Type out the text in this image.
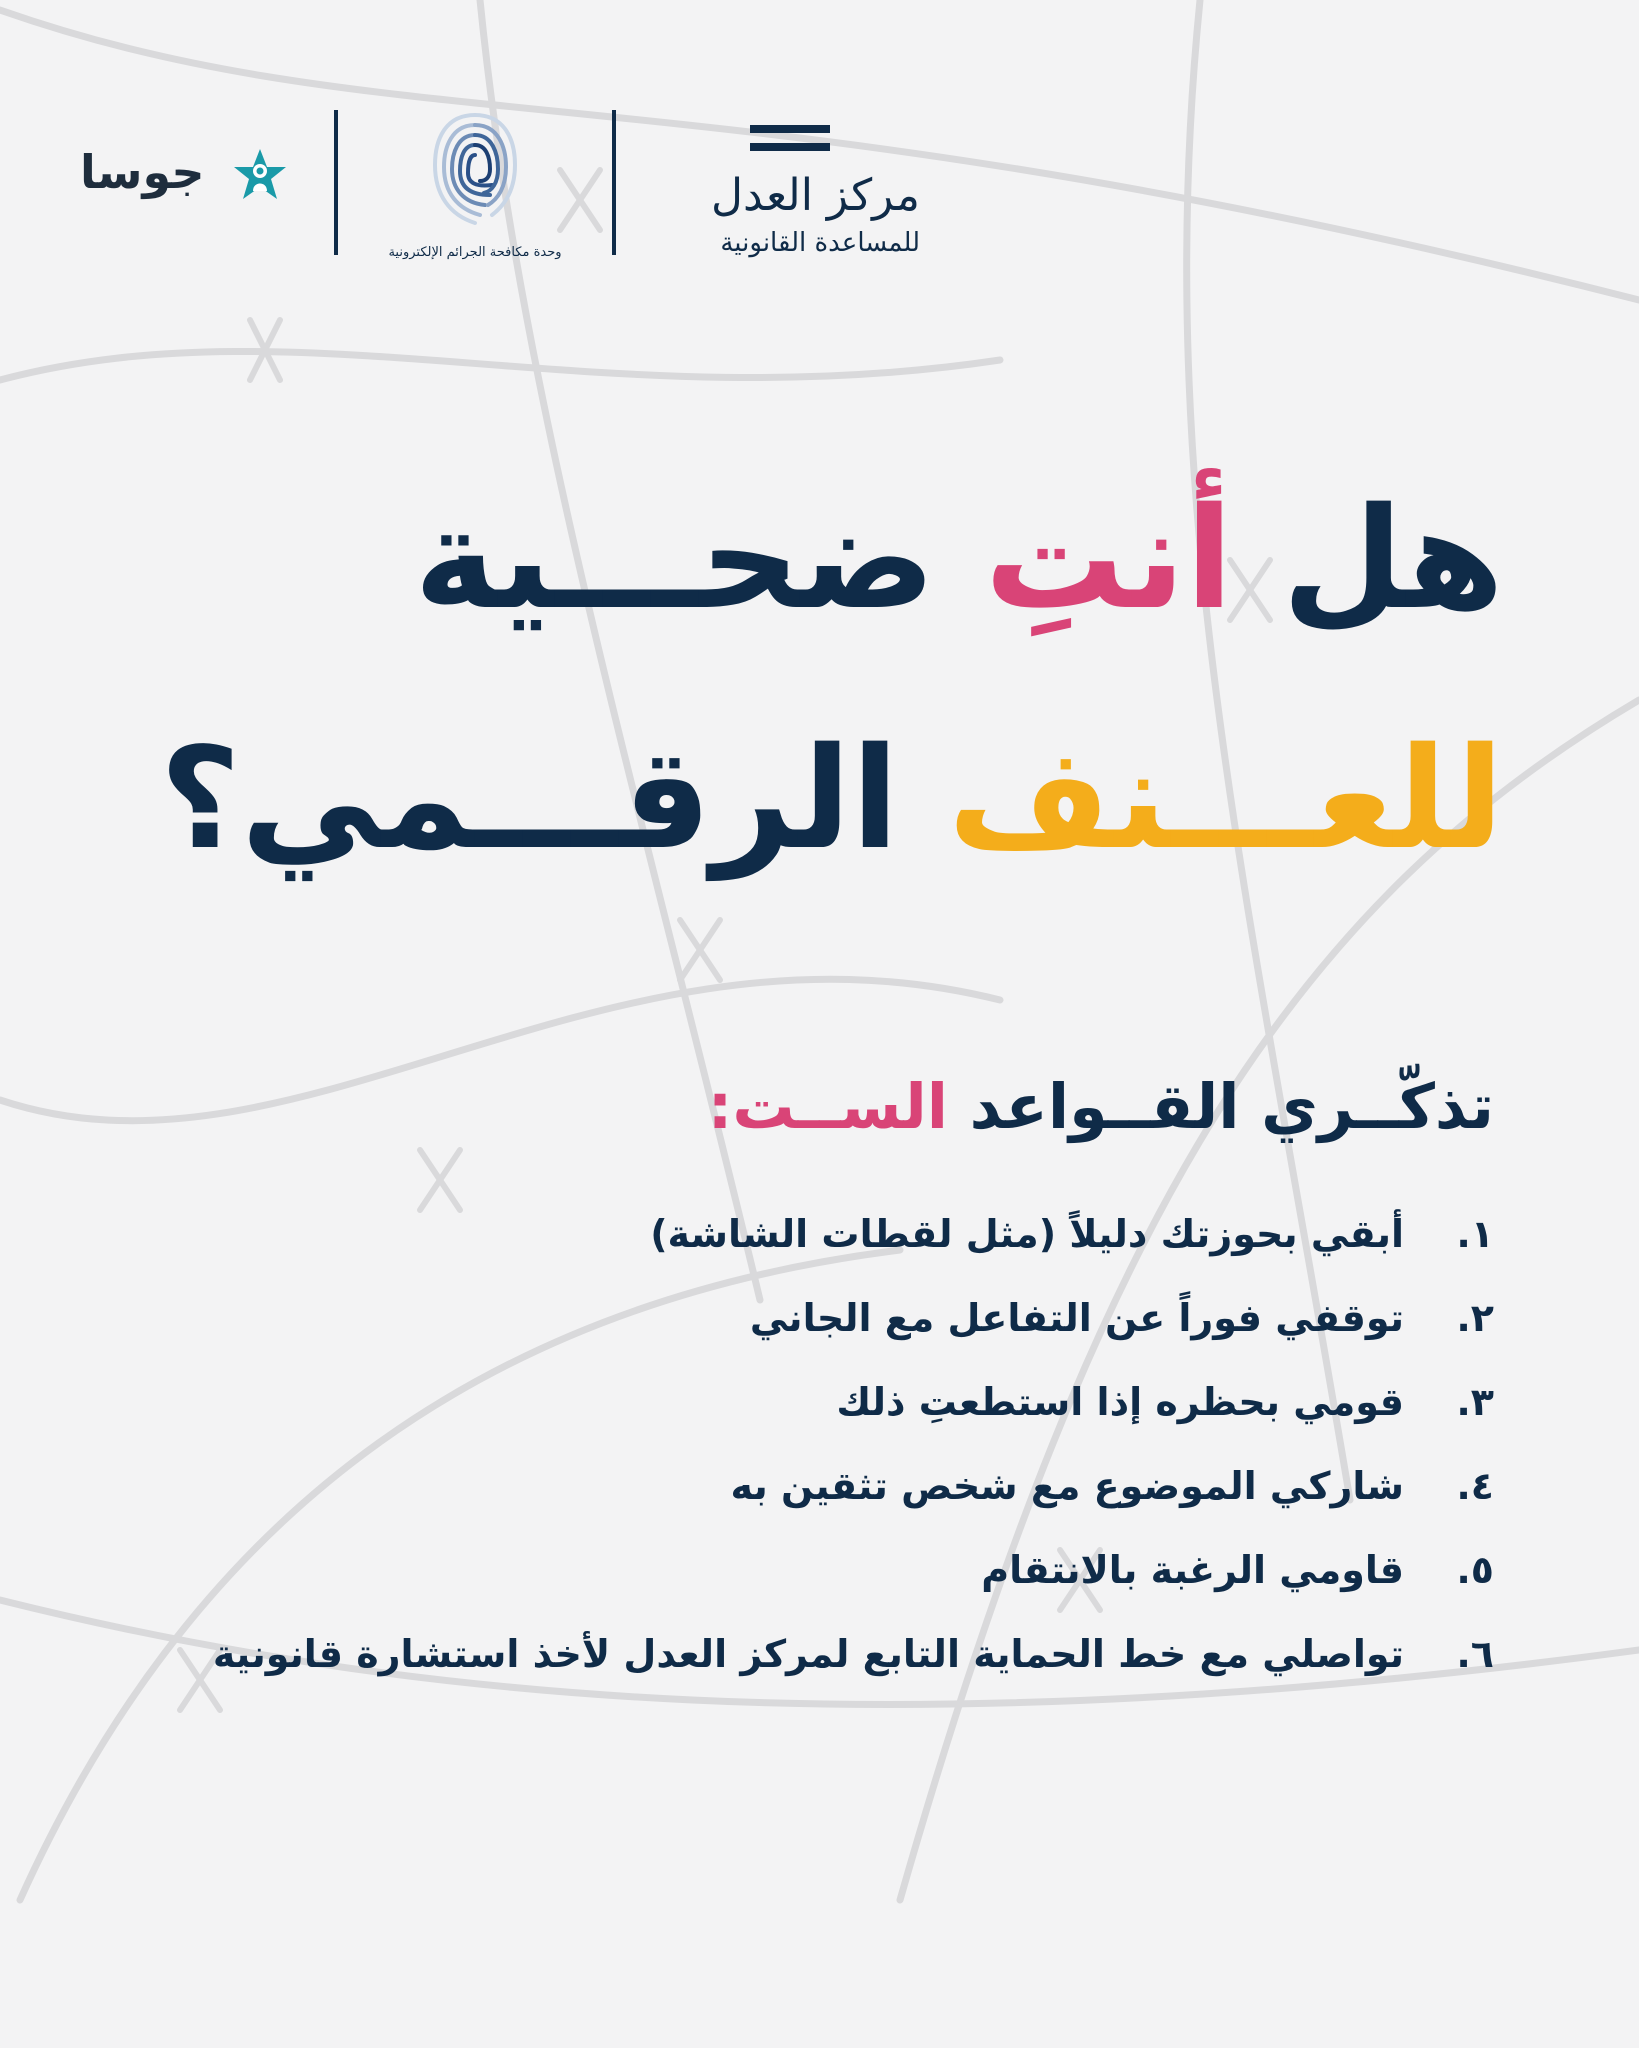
مركز العدل
للمساعدة القانونية
وحدة مكافحة الجرائم الإلكترونية
جوسا
هل أنتِ ضحـــية
للعـــنف الرقـــمي؟
تذكّــري القــواعد الســت:
١.
أبقي بحوزتك دليلاً (مثل لقطات الشاشة)
٢.
توقفي فوراً عن التفاعل مع الجاني
٣.
قومي بحظره إذا استطعتِ ذلك
٤.
شاركي الموضوع مع شخص تثقين به
٥.
قاومي الرغبة بالانتقام
٦.
تواصلي مع خط الحماية التابع لمركز العدل لأخذ استشارة قانونية
